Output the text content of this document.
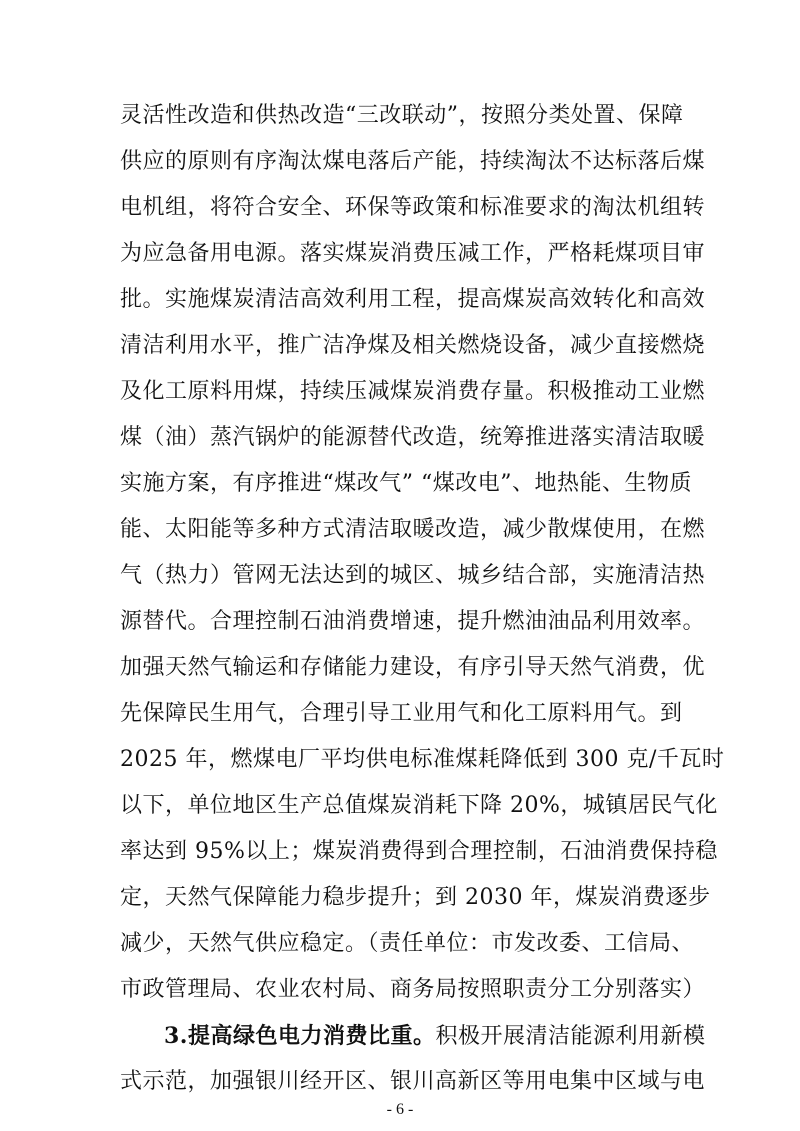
灵活性改造和供热改造“三改联动”，按照分类处置、保障
供应的原则有序淘汰煤电落后产能，持续淘汰不达标落后煤
电机组，将符合安全、环保等政策和标准要求的淘汰机组转
为应急备用电源。落实煤炭消费压减工作，严格耗煤项目审
批。实施煤炭清洁高效利用工程，提高煤炭高效转化和高效
清洁利用水平，推广洁净煤及相关燃烧设备，减少直接燃烧
及化工原料用煤，持续压减煤炭消费存量。积极推动工业燃
煤（油）蒸汽锅炉的能源替代改造，统筹推进落实清洁取暖
实施方案，有序推进“煤改气” “煤改电”、地热能、生物质
能、太阳能等多种方式清洁取暖改造，减少散煤使用，在燃
气（热力）管网无法达到的城区、城乡结合部，实施清洁热
源替代。合理控制石油消费增速，提升燃油油品利用效率。
加强天然气输运和存储能力建设，有序引导天然气消费，优
先保障民生用气，合理引导工业用气和化工原料用气。到
2025 年，燃煤电厂平均供电标准煤耗降低到 300 克/千瓦时
以下，单位地区生产总值煤炭消耗下降 20%，城镇居民气化
率达到 95%以上；煤炭消费得到合理控制，石油消费保持稳
定，天然气保障能力稳步提升；到 2030 年，煤炭消费逐步
减少，天然气供应稳定。（责任单位：市发改委、工信局、
市政管理局、农业农村局、商务局按照职责分工分别落实）
3.提高绿色电力消费比重。积极开展清洁能源利用新模
式示范，加强银川经开区、银川高新区等用电集中区域与电
- 6 -
